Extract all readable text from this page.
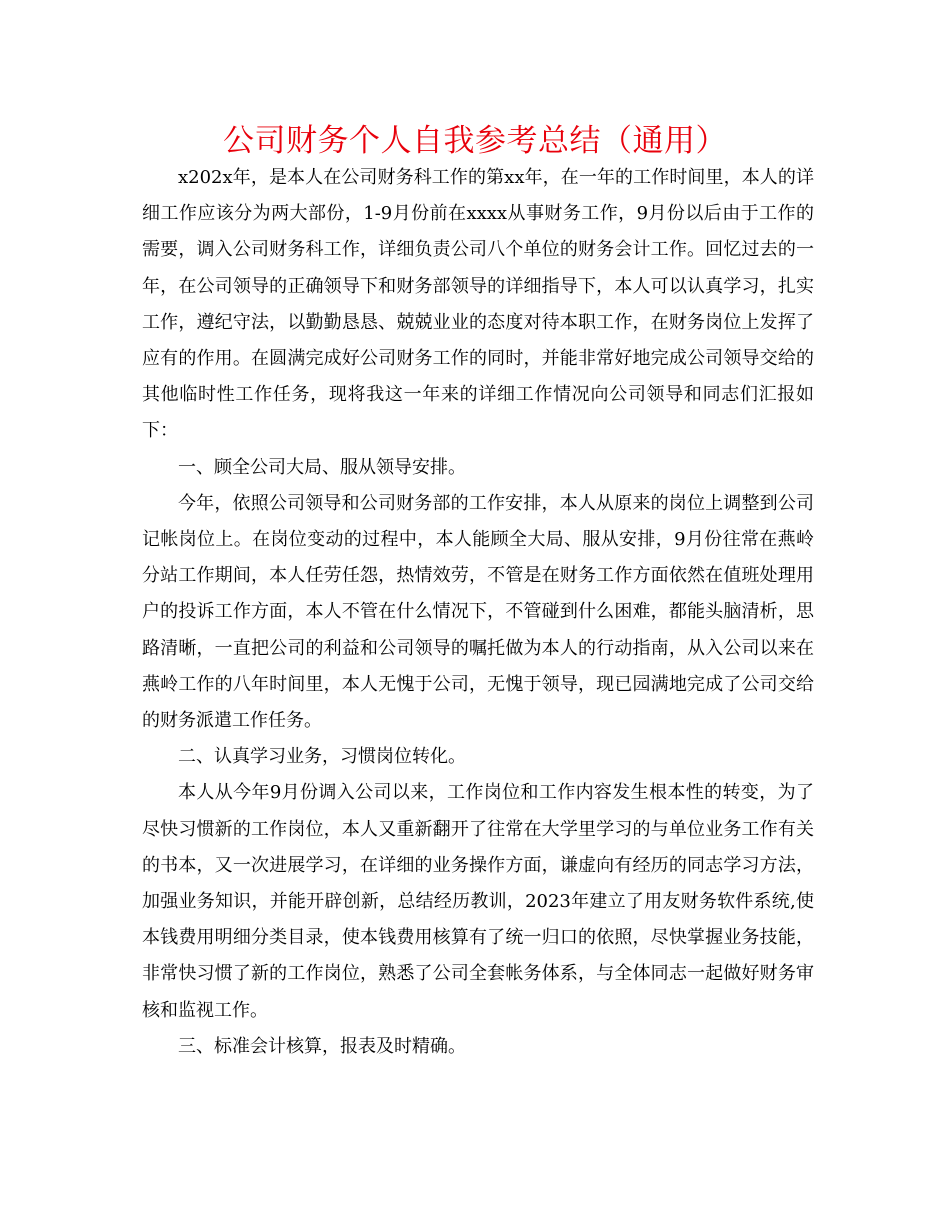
公司财务个人自我参考总结（通用）

x202x年，是本人在公司财务科工作的第xx年，在一年的工作时间里，本人的详细工作应该分为两大部份，1-9月份前在xxxx从事财务工作，9月份以后由于工作的需要，调入公司财务科工作，详细负责公司八个单位的财务会计工作。回忆过去的一年，在公司领导的正确领导下和财务部领导的详细指导下，本人可以认真学习，扎实工作，遵纪守法，以勤勤恳恳、兢兢业业的态度对待本职工作，在财务岗位上发挥了应有的作用。在圆满完成好公司财务工作的同时，并能非常好地完成公司领导交给的其他临时性工作任务，现将我这一年来的详细工作情况向公司领导和同志们汇报如下：

一、顾全公司大局、服从领导安排。

今年，依照公司领导和公司财务部的工作安排，本人从原来的岗位上调整到公司记帐岗位上。在岗位变动的过程中，本人能顾全大局、服从安排，9月份往常在燕岭分站工作期间，本人任劳任怨，热情效劳，不管是在财务工作方面依然在值班处理用户的投诉工作方面，本人不管在什么情况下，不管碰到什么困难，都能头脑清析，思路清晰，一直把公司的利益和公司领导的嘱托做为本人的行动指南，从入公司以来在燕岭工作的八年时间里，本人无愧于公司，无愧于领导，现已园满地完成了公司交给的财务派遣工作任务。

二、认真学习业务，习惯岗位转化。

本人从今年9月份调入公司以来，工作岗位和工作内容发生根本性的转变，为了尽快习惯新的工作岗位，本人又重新翻开了往常在大学里学习的与单位业务工作有关的书本，又一次进展学习，在详细的业务操作方面，谦虚向有经历的同志学习方法，加强业务知识，并能开辟创新，总结经历教训，2023年建立了用友财务软件系统,使本钱费用明细分类目录，使本钱费用核算有了统一归口的依照，尽快掌握业务技能，非常快习惯了新的工作岗位，熟悉了公司全套帐务体系，与全体同志一起做好财务审核和监视工作。

三、标准会计核算，报表及时精确。
